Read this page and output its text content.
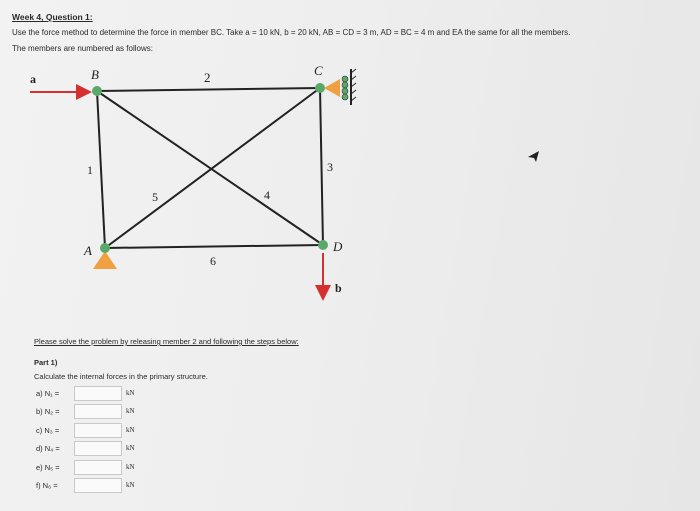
Week 4, Question 1:
Use the force method to determine the force in member BC. Take a = 10 kN, b = 20 kN, AB = CD = 3 m, AD = BC = 4 m and EA the same for all the members.
The members are numbered as follows:
a	B	2	C
1	3
5	4
A
6
D
b
Please solve the problem by releasing member 2 and following the steps below:
Part 1)
Calculate the internal forces in the primary structure.
a) N₁ =	kN
b) N₂ =	kN
c) N₃ =	kN
d) N₄ =	kN
e) N₅ =	kN
f) N₆ =	kN
